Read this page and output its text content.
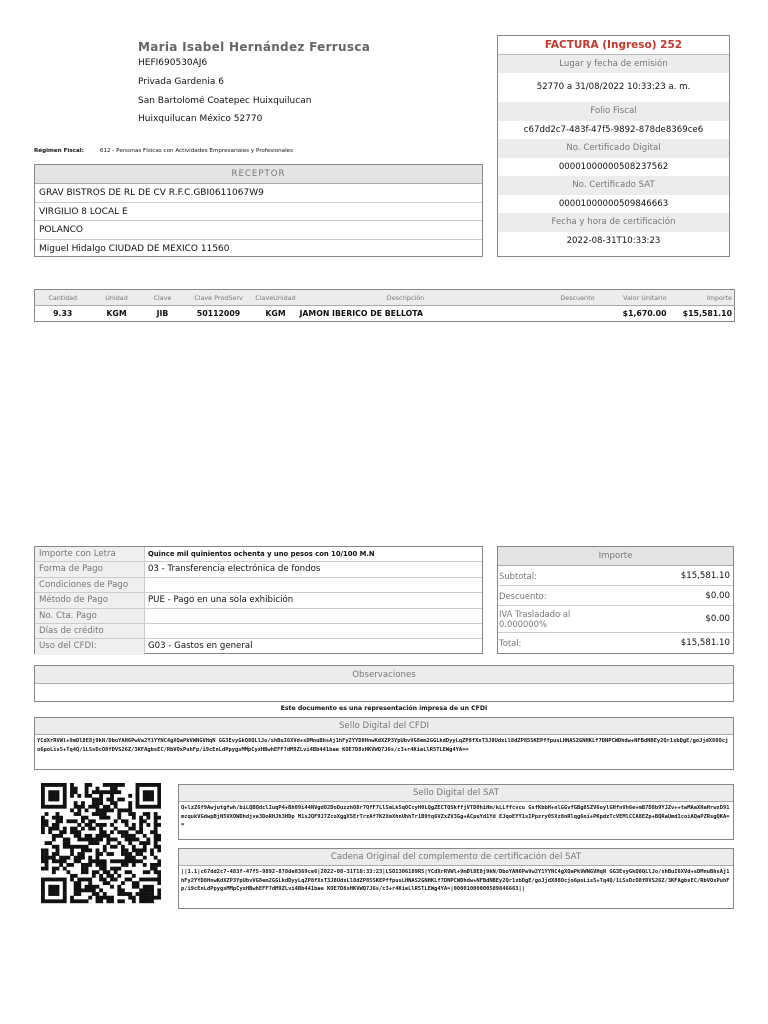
Maria Isabel Hernández Ferrusca
HEFI690530AJ6
Privada Gardenia 6
San Bartolomé Coatepec Huixquilucan
Huixquilucan México 52770
Régimen Fiscal:	612 - Personas Físicas con Actividades Empresariales y Profesionales
FACTURA (Ingreso) 252
Lugar y fecha de emisión
52770 a 31/08/2022 10:33:23 a. m.
Folio Fiscal
c67dd2c7-483f-47f5-9892-878de8369ce6
No. Certificado Digital
00001000000508237562
No. Certificado SAT
00001000000509846663
Fecha y hora de certificación
2022-08-31T10:33:23
RECEPTOR
GRAV BISTROS DE RL DE CV R.F.C.GBI0611067W9
VIRGILIO 8 LOCAL E
POLANCO
Miguel Hidalgo CIUDAD DE MEXICO 11560
Cantidad	Unidad	Clave	Clave ProdServ	ClaveUnidad	Descripción	Descuento	Valor Unitario	Importe
9.33	KGM	JIB	50112009	KGM	JAMON IBERICO DE BELLOTA		$1,670.00	$15,581.10
Importe con Letra	Quince mil quinientos ochenta y uno pesos con 10/100 M.N
Forma de Pago	03 - Transferencia electrónica de fondos
Condiciones de Pago
Método de Pago	PUE - Pago en una sola exhibición
No. Cta. Pago
Días de crédito
Uso del CFDI:	G03 - Gastos en general
Importe
Subtotal:	$15,581.10
Descuento:	$0.00
IVA Trasladado al 0.000000%	$0.00
Total:	$15,581.10
Observaciones
Este documento es una representación impresa de un CFDI
Sello Digital del CFDI
YCdXrRVWl+9mDl8E8j9kN/DboYAH6PwVw2Y1YYNC4gXQaPkVWNGVHqN GG3EvyGkQ8QLlJo/shBuI6XVd+sDMnuBhsAj1hFy2YYD8HnwKdXZP3YpUbvVG8em2GGLkdDyyLqZP8fXxT3J8UdxLl8dZP85SKEPffpusLHNAS2GNHKLf7DNPCWDhdw+NFBdNBEy2Qr1xbDgE/goJjdX88Ocjo6poLis5+Tq4Q/1LSsDcO8fDVS26Z/3KFAgbsEC/RbVOxPuhFp/i9cEnLdPpygsMMpCyxHBwhEFF7dM9ZLvi4Bb441bae KOE7D8sHKVWQ7J6s/c3+r4KieLlR5TLEWg4YA==
Sello Digital del SAT
Q+lzZ6f9Awjutgfwh/biLQBQdclIuqP4+Bh09i44NVgd02DoDuzzhO8r7QfF7LlSmLk5qOCcyH0LQgZECTQSkffjVTD0hiHm/kLLffcvcu GsfKbbH+nlGGvfGBg8SZV6uylGHfnVh6e+mB7D8b9YJZv++twMAaXHaHrwxD91mcqukVGdwpBjN5VXOWDhdjve3DoRHJh3HDp M1sJQF9J7ZcoXggX5ErTrzAf7K2XmXhnUhhTr1B9tq6VZxZV3Gg+ACpuYd1Yd EJqoEYY1sIPpzry05Xz8nRlqg6ni+PKpdzTcVEMlCCA8EZp+BQRaUmd1coiAQaPZRsgQKA==
Cadena Original del complemento de certificación del SAT
||1.1|c67dd2c7-483f-47f5-9892-878de8369ce6|2022-08-31T10:33:23|LSO1306189R5|YCdXrRVWl+9mDl8E8j9kN/DboYAH6PwVw2Y1YYNC4gXQaPkVWNGVHqN GG3EvyGkQ8QLlJo/shBuI6XVd+sDMnuBhsAj1hFy2YYD8HnwKdXZP3YpUbvVG8em2GGLkdDyyLqZP8fXxT3J8UdxLl8dZP85SKEPffpusLHNAS2GNHKLf7DNPCWDhdw+NFBdNBEy2Qr1xbDgE/goJjdX88Ocjo6poLis5+Tq4Q/1LSsDcO8fDVS26Z/3KFAgbsEC/RbVOxPuhFp/i9cEnLdPpygsMMpCyxHBwhEFF7dM9ZLvi4Bb441bae KOE7D8sHKVWQ7J6s/c3+r4KieLlR5TLEWg4YA=|00001000000509846663||
